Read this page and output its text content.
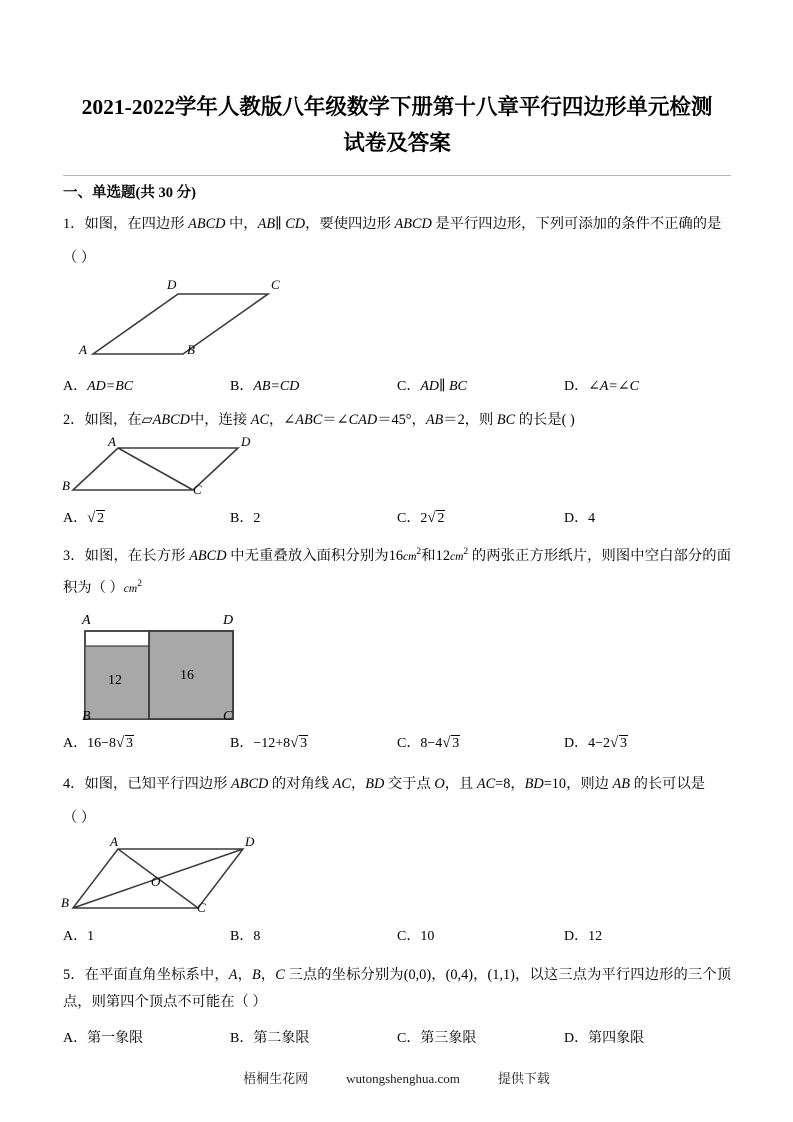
2021-2022学年人教版八年级数学下册第十八章平行四边形单元检测
试卷及答案
一、单选题(共 30 分)
1．如图，在四边形 ABCD 中，AB∥ CD，要使四边形 ABCD 是平行四边形，下列可添加的条件不正确的是
（ ）
D	C
A	B
A．AD=BC	B．AB=CD	C．AD∥ BC	D．∠A=∠C
2．如图，在▱ABCD中，连接 AC，∠ABC＝∠CAD＝45°，AB＝2，则 BC 的长是( )
A	D
B	C
A． √ 2	B．2	C．2 √ 2	D．4
3．如图，在长方形 ABCD 中无重叠放入面积分别为$16cm^2$和$12cm^2$ 的两张正方形纸片，则图中空白部分的面积为（ ）$cm^2$
A	D
B	C
12	16
A．16−8 √ 3	B．−12+8 √ 3	C．8−4 √ 3	D．4−2 √ 3
4．如图，已知平行四边形 ABCD 的对角线 AC，BD 交于点 O，且 AC=8，BD=10，则边 AB 的长可以是
（ ）
A	D
B	C
O
A．1	B．8	C．10	D．12
5．在平面直角坐标系中，A，B，C 三点的坐标分别为(0,0)，(0,4)，(1,1)，以这三点为平行四边形的三个顶点，则第四个顶点不可能在（ ）
A．第一象限	B．第二象限	C．第三象限	D．第四象限
梧桐生花网	wutongshenghua.com	提供下载
